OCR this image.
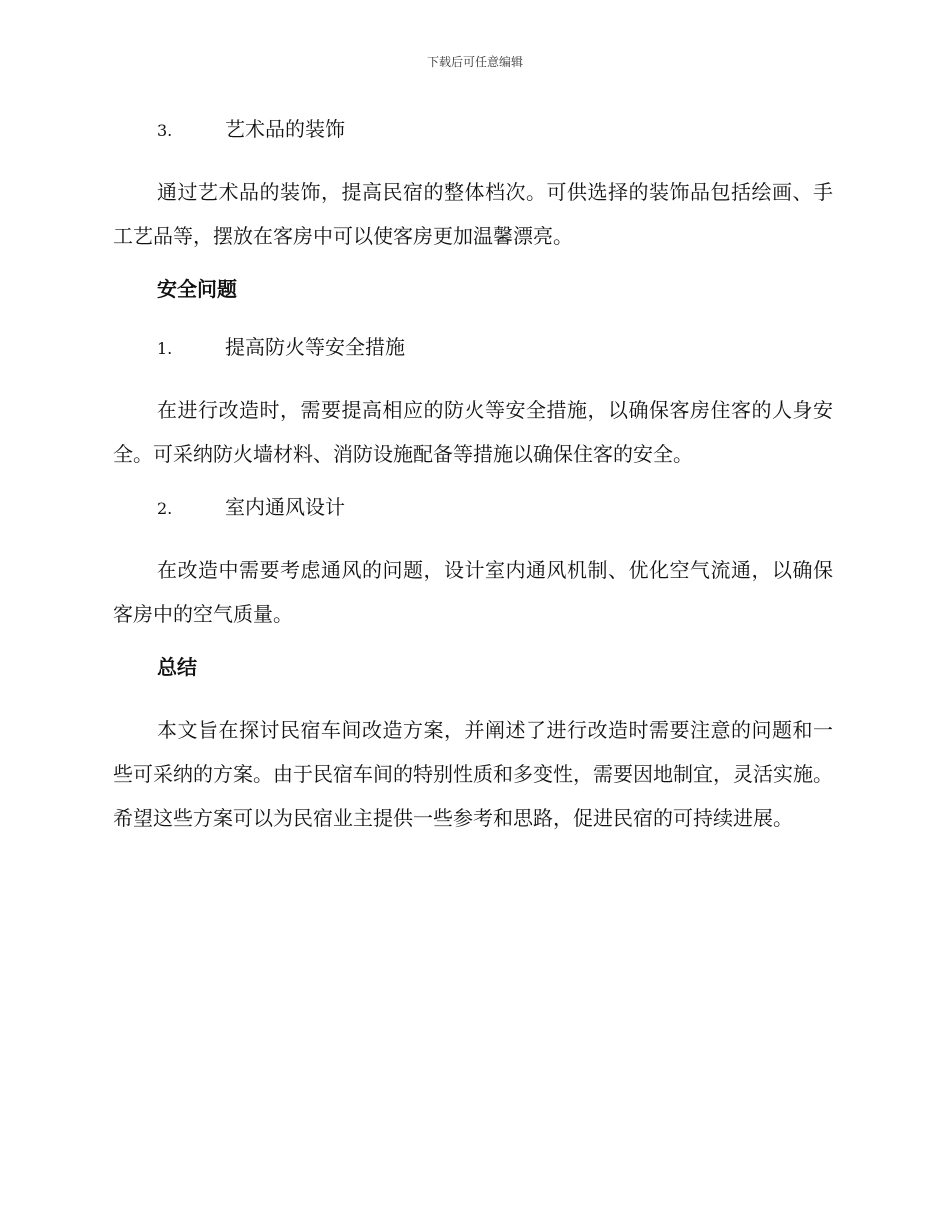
下载后可任意编辑
3.	艺术品的装饰

通过艺术品的装饰，提高民宿的整体档次。可供选择的装饰品包括绘画、手工艺品等，摆放在客房中可以使客房更加温馨漂亮。

安全问题
1.	提高防火等安全措施

在进行改造时，需要提高相应的防火等安全措施，以确保客房住客的人身安全。可采纳防火墙材料、消防设施配备等措施以确保住客的安全。

2.	室内通风设计

在改造中需要考虑通风的问题，设计室内通风机制、优化空气流通，以确保客房中的空气质量。

总结

本文旨在探讨民宿车间改造方案，并阐述了进行改造时需要注意的问题和一些可采纳的方案。由于民宿车间的特别性质和多变性，需要因地制宜，灵活实施。希望这些方案可以为民宿业主提供一些参考和思路，促进民宿的可持续进展。
